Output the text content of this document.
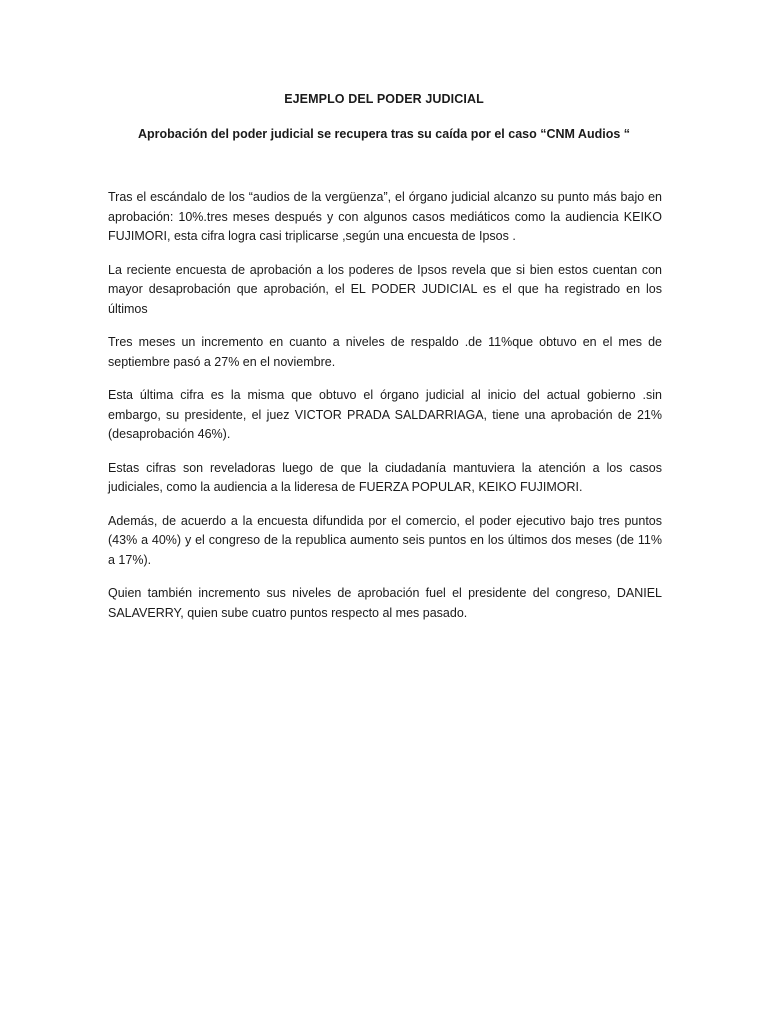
EJEMPLO DEL PODER JUDICIAL
Aprobación del poder judicial se recupera tras su caída por el caso “CNM Audios “

Tras el escándalo de los “audios de la vergüenza”, el órgano judicial alcanzo su punto más bajo en aprobación: 10%.tres meses después y con algunos casos mediáticos como la audiencia KEIKO FUJIMORI, esta cifra logra casi triplicarse ,según una encuesta de Ipsos .

La reciente encuesta de aprobación a los poderes de Ipsos revela que si bien estos cuentan con mayor desaprobación que aprobación, el EL PODER JUDICIAL es el que ha registrado en los últimos

Tres meses un incremento en cuanto a niveles de respaldo .de 11%que obtuvo en el mes de septiembre pasó a 27% en el noviembre.

Esta última cifra es la misma que obtuvo el órgano judicial al inicio del actual gobierno .sin embargo, su presidente, el juez VICTOR PRADA SALDARRIAGA, tiene una aprobación de 21% (desaprobación 46%).

Estas cifras son reveladoras luego de que la ciudadanía mantuviera la atención a los casos judiciales, como la audiencia a la lideresa de FUERZA POPULAR, KEIKO FUJIMORI.

Además, de acuerdo a la encuesta difundida por el comercio, el poder ejecutivo bajo tres puntos (43% a 40%) y el congreso de la republica aumento seis puntos en los últimos dos meses (de 11% a 17%).

Quien también incremento sus niveles de aprobación fuel el presidente del congreso, DANIEL SALAVERRY, quien sube cuatro puntos respecto al mes pasado.
